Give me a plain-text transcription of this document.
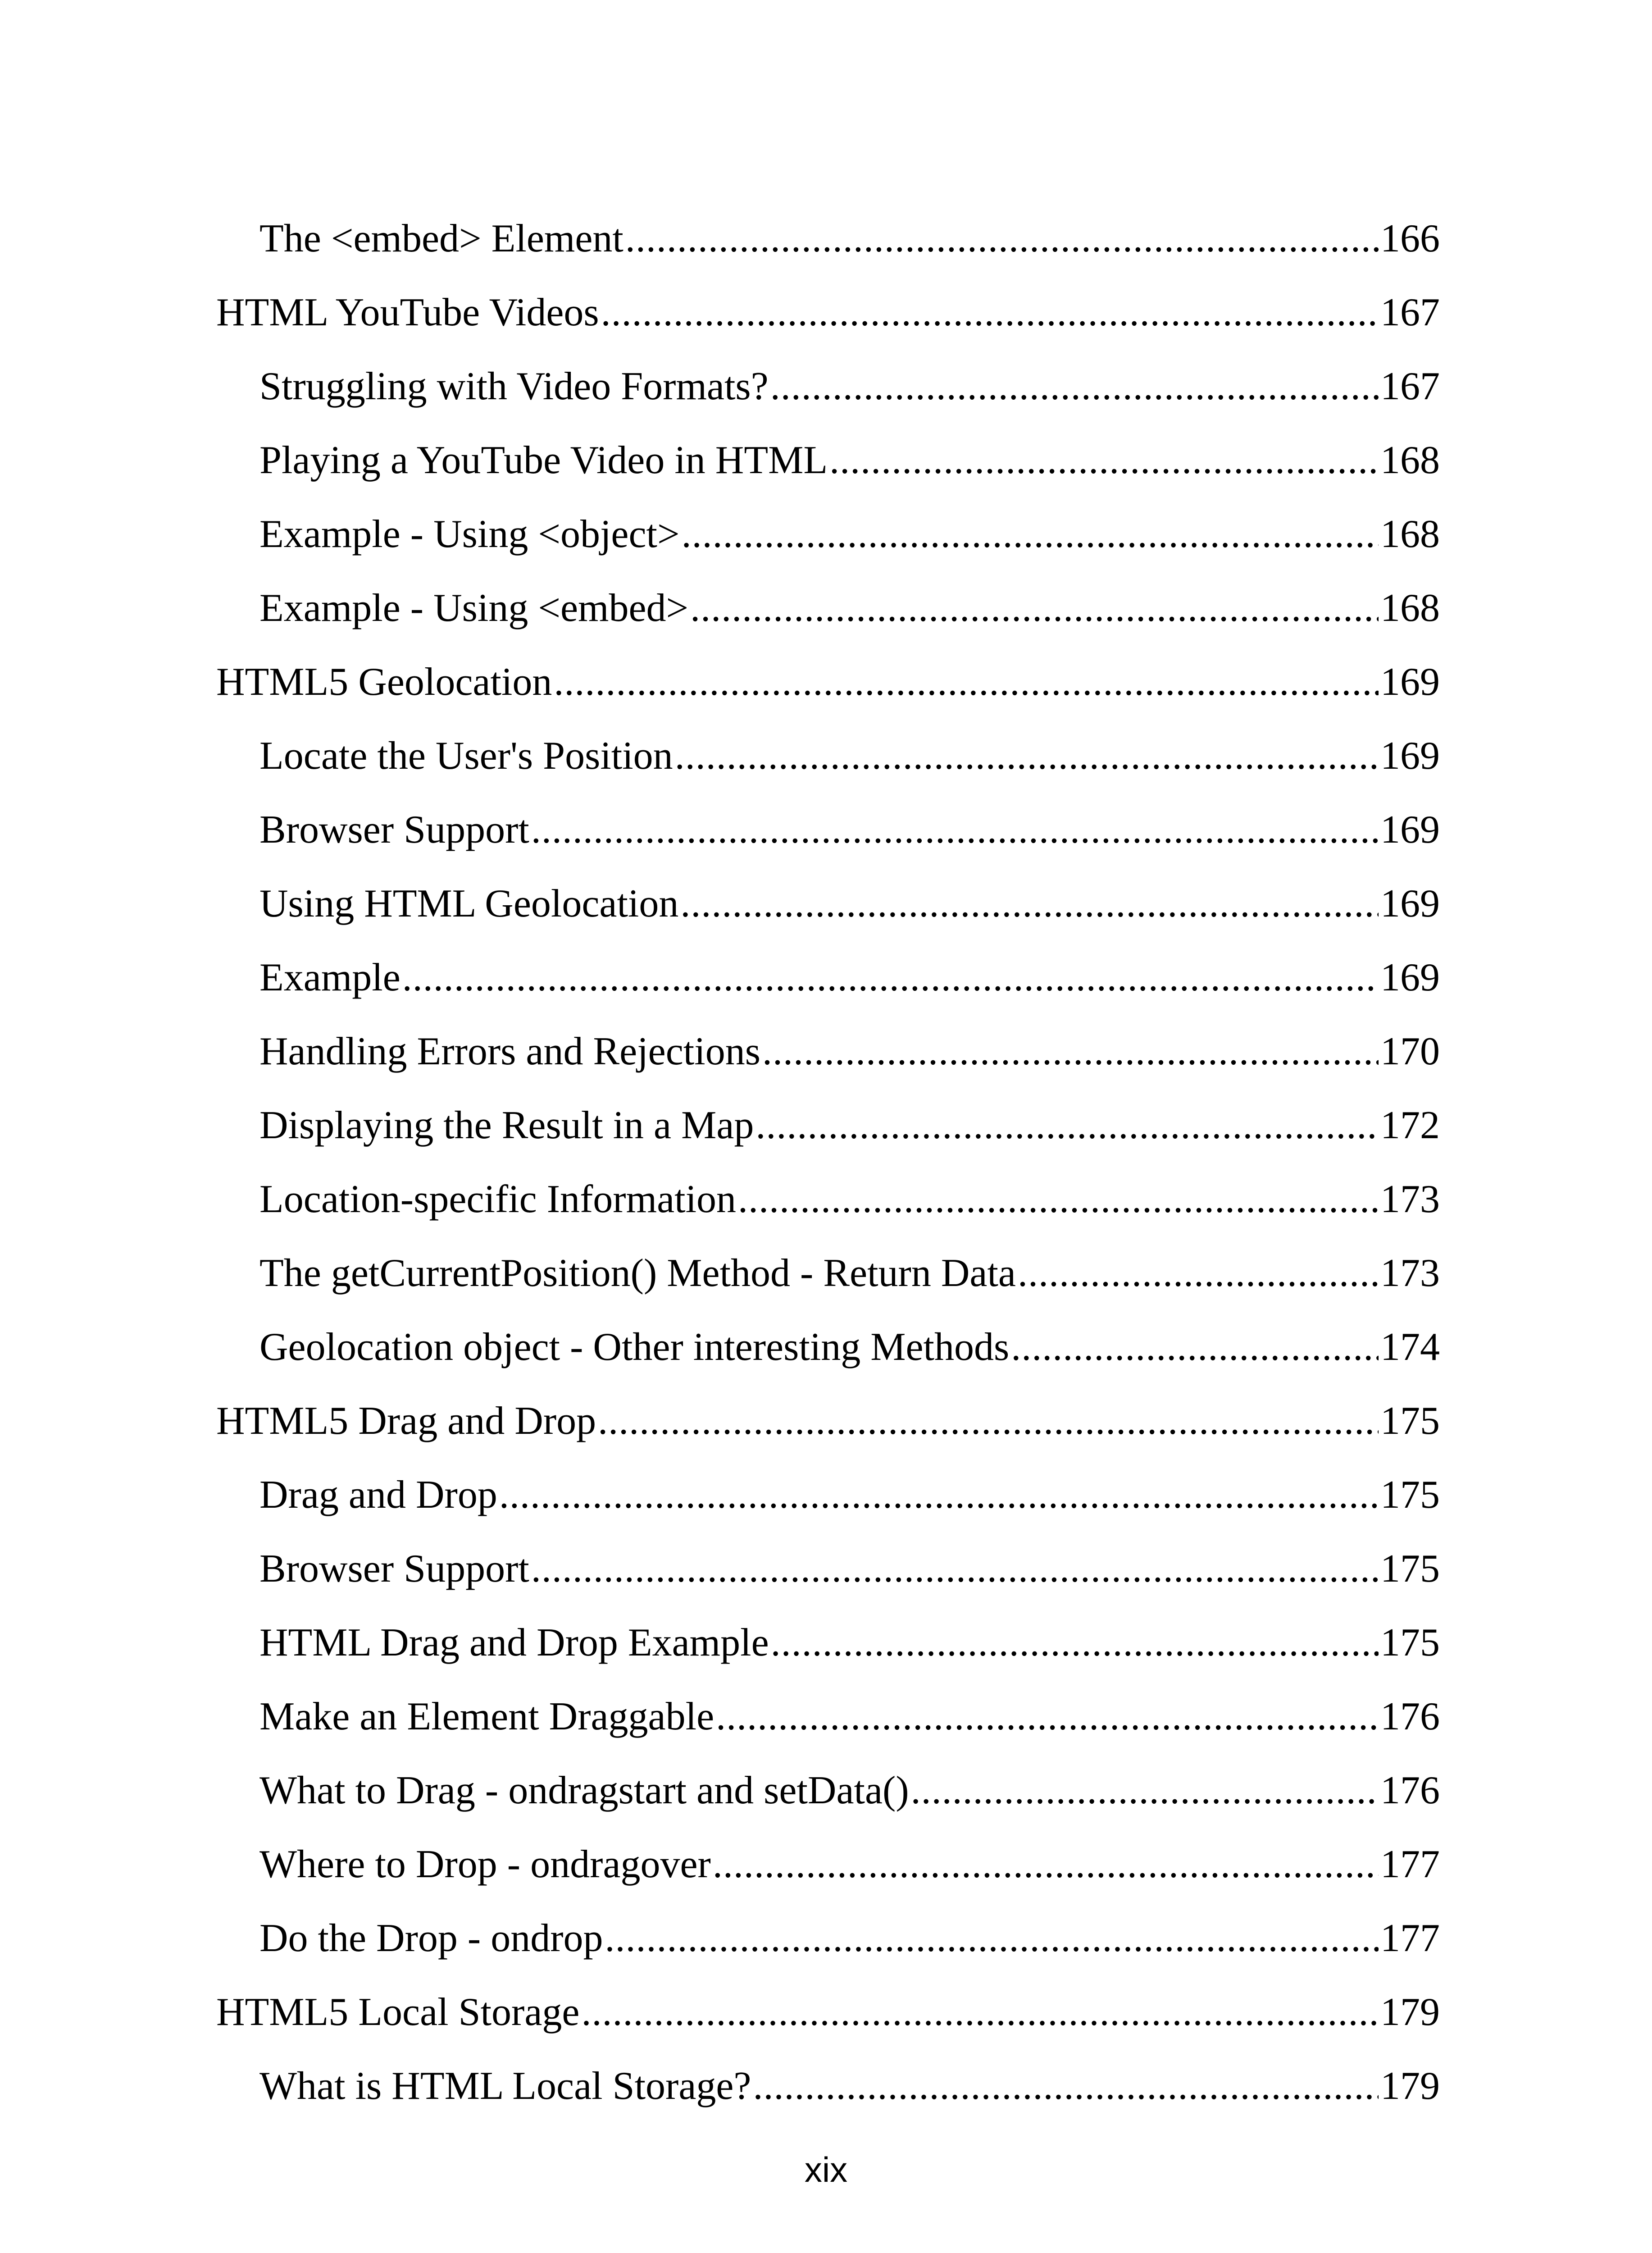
The <embed> Element .....	166
HTML YouTube Videos .....	167
Struggling with Video Formats? .....	167
Playing a YouTube Video in HTML .....	168
Example - Using <object> .....	168
Example - Using <embed> .....	168
HTML5 Geolocation .....	169
Locate the User's Position .....	169
Browser Support .....	169
Using HTML Geolocation .....	169
Example .....	169
Handling Errors and Rejections .....	170
Displaying the Result in a Map .....	172
Location-specific Information .....	173
The getCurrentPosition() Method - Return Data .....	173
Geolocation object - Other interesting Methods .....	174
HTML5 Drag and Drop .....	175
Drag and Drop .....	175
Browser Support .....	175
HTML Drag and Drop Example .....	175
Make an Element Draggable .....	176
What to Drag - ondragstart and setData() .....	176
Where to Drop - ondragover .....	177
Do the Drop - ondrop .....	177
HTML5 Local Storage .....	179
What is HTML Local Storage? .....	179
xix
